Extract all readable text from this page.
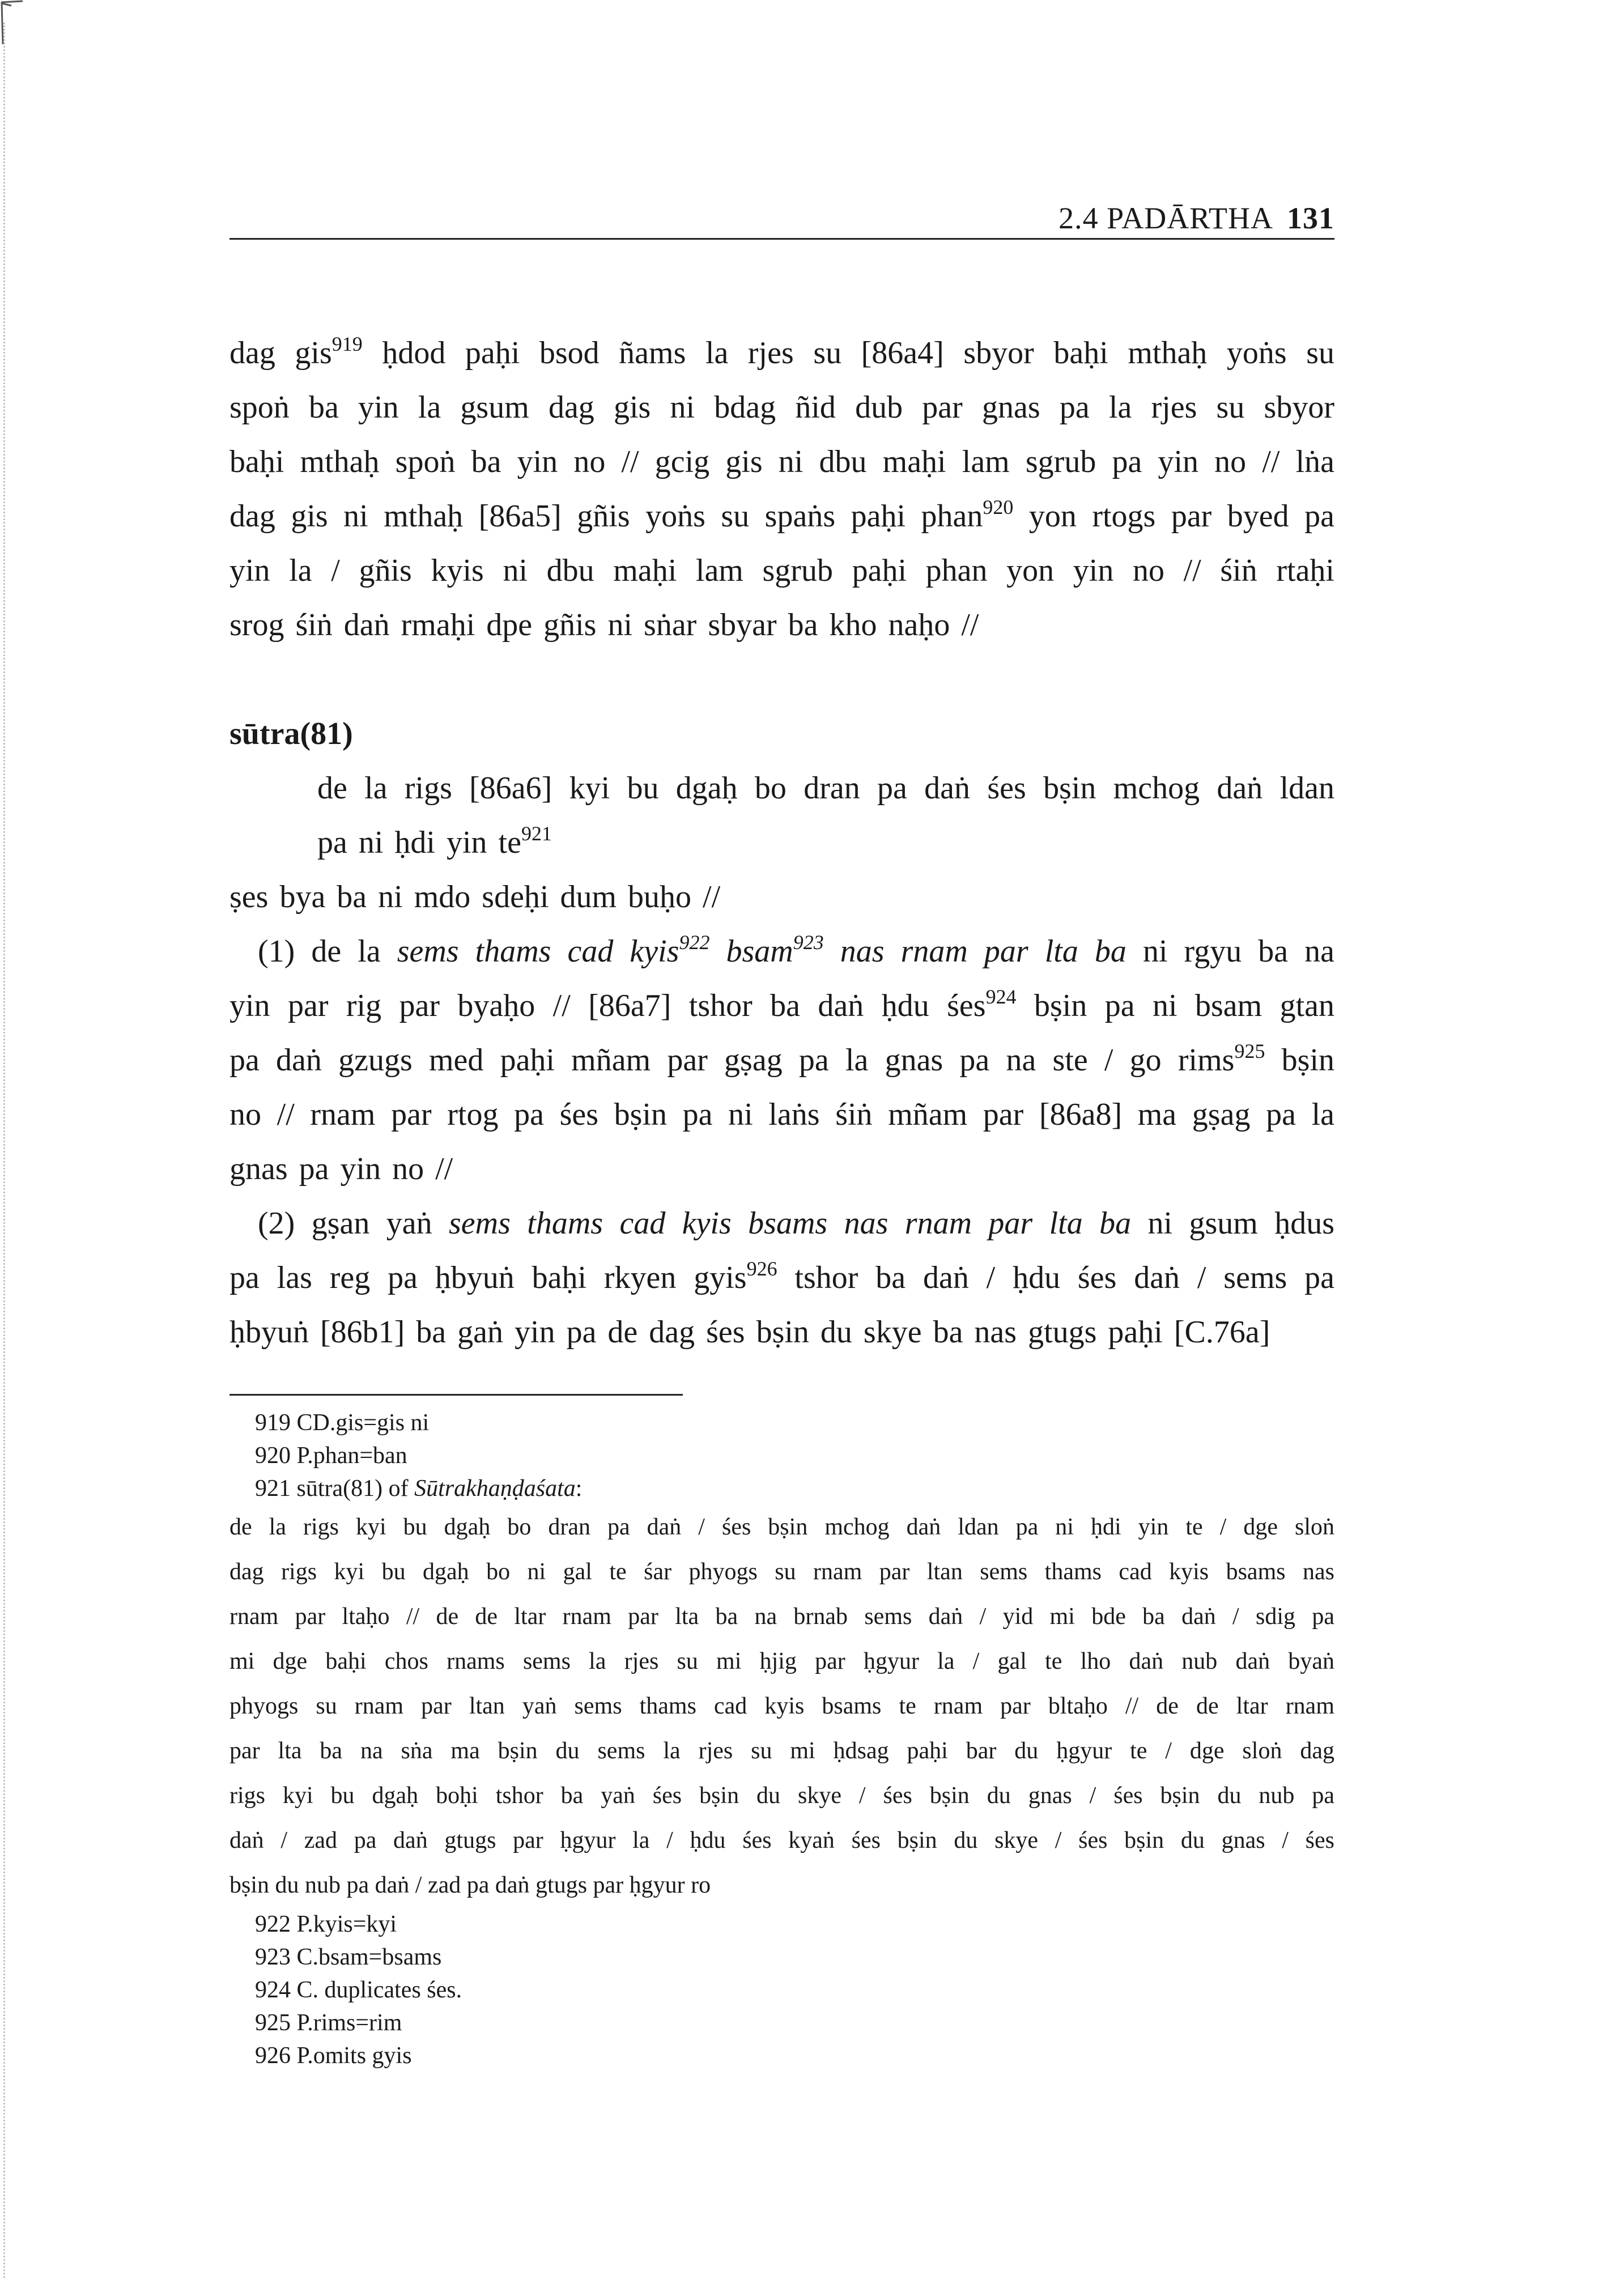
2.4 PADĀRTHA 131
dag gis$^{919}$ ḥdod paḥi bsod ñams la rjes su [86a4] sbyor baḥi mthaḥ yoṅs su
spoṅ ba yin la gsum dag gis ni bdag ñid dub par gnas pa la rjes su sbyor
baḥi mthaḥ spoṅ ba yin no // gcig gis ni dbu maḥi lam sgrub pa yin no // lṅa
dag gis ni mthaḥ [86a5] gñis yoṅs su spaṅs paḥi phan$^{920}$ yon rtogs par byed pa
yin la / gñis kyis ni dbu maḥi lam sgrub paḥi phan yon yin no // śiṅ rtaḥi
srog śiṅ daṅ rmaḥi dpe gñis ni sṅar sbyar ba kho naḥo //
sūtra(81)
de la rigs [86a6] kyi bu dgaḥ bo dran pa daṅ śes bṣin mchog daṅ ldan
pa ni ḥdi yin $te^{921}$
ṣes bya ba ni mdo sdeḥi dum buḥo //
(1) de la sems thams cad kyis$^{922}$ bsam$^{923}$ nas rnam par lta ba ni rgyu ba na
yin par rig par byaḥo // [86a7] tshor ba daṅ ḥdu śes$^{924}$ bṣin pa ni bsam gtan
pa daṅ gzugs med paḥi mñam par gṣag pa la gnas pa na ste / go rims$^{925}$ bṣin
no // rnam par rtog pa śes bṣin pa ni laṅs śiṅ mñam par [86a8] ma gṣag pa la
gnas pa yin no //
(2) gṣan yaṅ sems thams cad kyis bsams nas rnam par lta ba ni gsum ḥdus
pa las reg pa ḥbyuṅ baḥi rkyen gyis$^{926}$ tshor ba daṅ / ḥdu śes daṅ / sems pa
ḥbyuṅ [86b1] ba gaṅ yin pa de dag śes bṣin du skye ba nas gtugs paḥi [C.76a]
919 CD.gis=gis ni
920 P.phan=ban
921 sūtra(81) of Sūtrakhaṇḍaśata:
de la rigs kyi bu dgaḥ bo dran pa daṅ / śes bṣin mchog daṅ ldan pa ni ḥdi yin te / dge sloṅ
dag rigs kyi bu dgaḥ bo ni gal te śar phyogs su rnam par ltan sems thams cad kyis bsams nas
rnam par ltaḥo // de de ltar rnam par lta ba na brnab sems daṅ / yid mi bde ba daṅ / sdig pa
mi dge baḥi chos rnams sems la rjes su mi ḥjig par ḥgyur la / gal te lho daṅ nub daṅ byaṅ
phyogs su rnam par ltan yaṅ sems thams cad kyis bsams te rnam par bltaḥo // de de ltar rnam
par lta ba na sṅa ma bṣin du sems la rjes su mi ḥdsag paḥi bar du ḥgyur te / dge sloṅ dag
rigs kyi bu dgaḥ boḥi tshor ba yaṅ śes bṣin du skye / śes bṣin du gnas / śes bṣin du nub pa
daṅ / zad pa daṅ gtugs par ḥgyur la / ḥdu śes kyaṅ śes bṣin du skye / śes bṣin du gnas / śes
bṣin du nub pa daṅ / zad pa daṅ gtugs par ḥgyur ro
922 P.kyis=kyi
923 C.bsam=bsams
924 C. duplicates śes.
925 P.rims=rim
926 P.omits gyis
